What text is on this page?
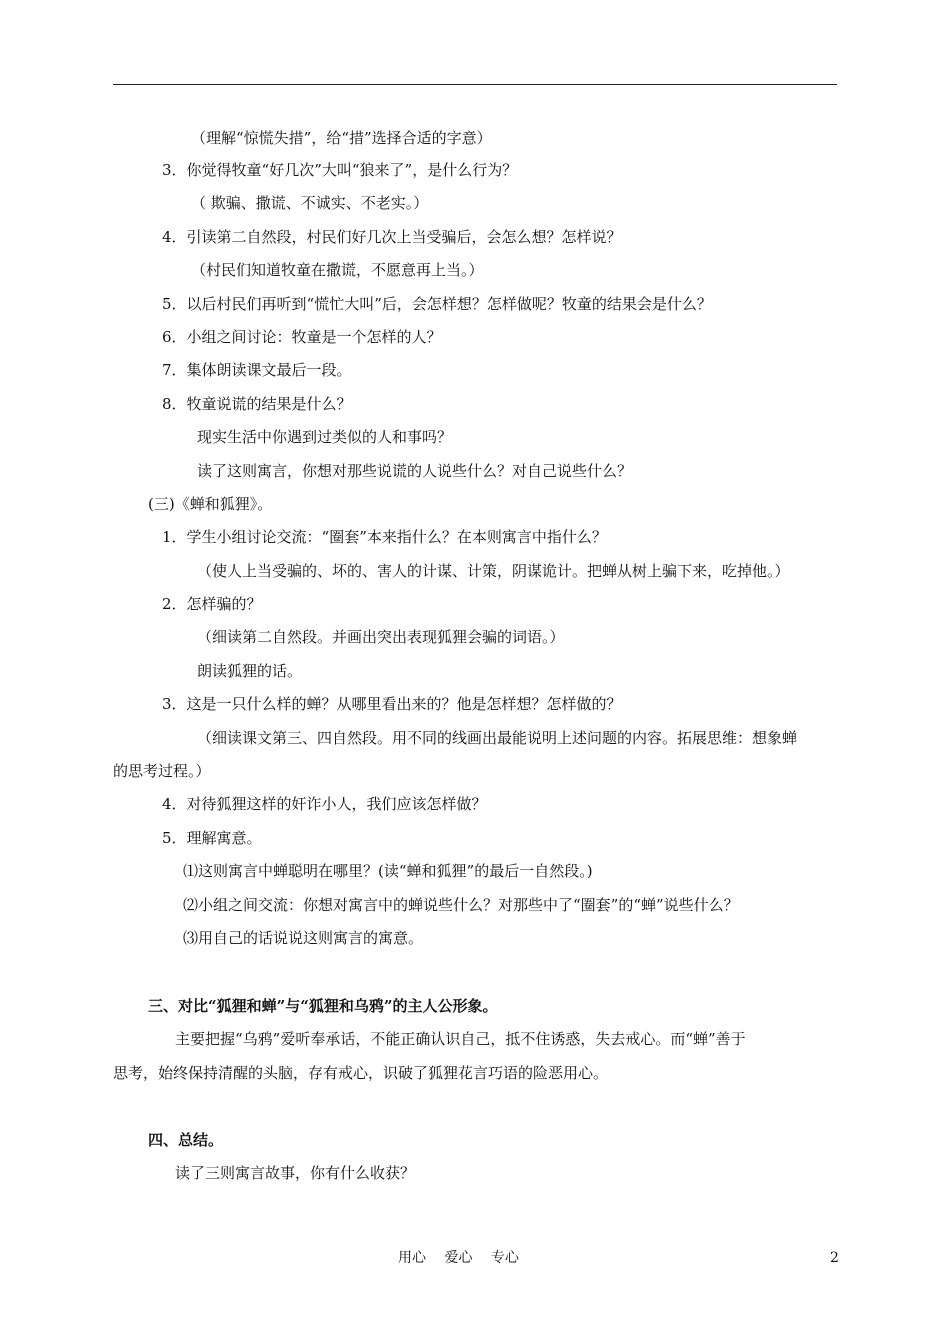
（理解“惊慌失措”，给“措”选择合适的字意）
3．你觉得牧童“好几次”大叫“狼来了”，是什么行为？
（ 欺骗、撒谎、不诚实、不老实。）
4．引读第二自然段，村民们好几次上当受骗后，会怎么想？怎样说？
（村民们知道牧童在撒谎，不愿意再上当。）
5．以后村民们再听到“慌忙大叫”后，会怎样想？怎样做呢？牧童的结果会是什么？
6．小组之间讨论：牧童是一个怎样的人？
7．集体朗读课文最后一段。
8．牧童说谎的结果是什么？
现实生活中你遇到过类似的人和事吗？
读了这则寓言，你想对那些说谎的人说些什么？对自己说些什么？
(三)《蝉和狐狸》。
1．学生小组讨论交流：“圈套”本来指什么？在本则寓言中指什么？
（使人上当受骗的、坏的、害人的计谋、计策，阴谋诡计。把蝉从树上骗下来，吃掉他。）
2．怎样骗的？
（细读第二自然段。并画出突出表现狐狸会骗的词语。）
朗读狐狸的话。
3．这是一只什么样的蝉？从哪里看出来的？他是怎样想？怎样做的？
（细读课文第三、四自然段。用不同的线画出最能说明上述问题的内容。拓展思维：想象蝉
的思考过程。）
4．对待狐狸这样的奸诈小人，我们应该怎样做？
5．理解寓意。
⑴这则寓言中蝉聪明在哪里？(读“蝉和狐狸”的最后一自然段。)
⑵小组之间交流：你想对寓言中的蝉说些什么？对那些中了“圈套”的“蝉”说些什么？
⑶用自己的话说说这则寓言的寓意。
三、对比“狐狸和蝉”与“狐狸和乌鸦”的主人公形象。
主要把握“乌鸦”爱听奉承话，不能正确认识自己，抵不住诱惑，失去戒心。而“蝉”善于
思考，始终保持清醒的头脑，存有戒心，识破了狐狸花言巧语的险恶用心。
四、总结。
读了三则寓言故事，你有什么收获？
用心　 爱心　 专心	2
